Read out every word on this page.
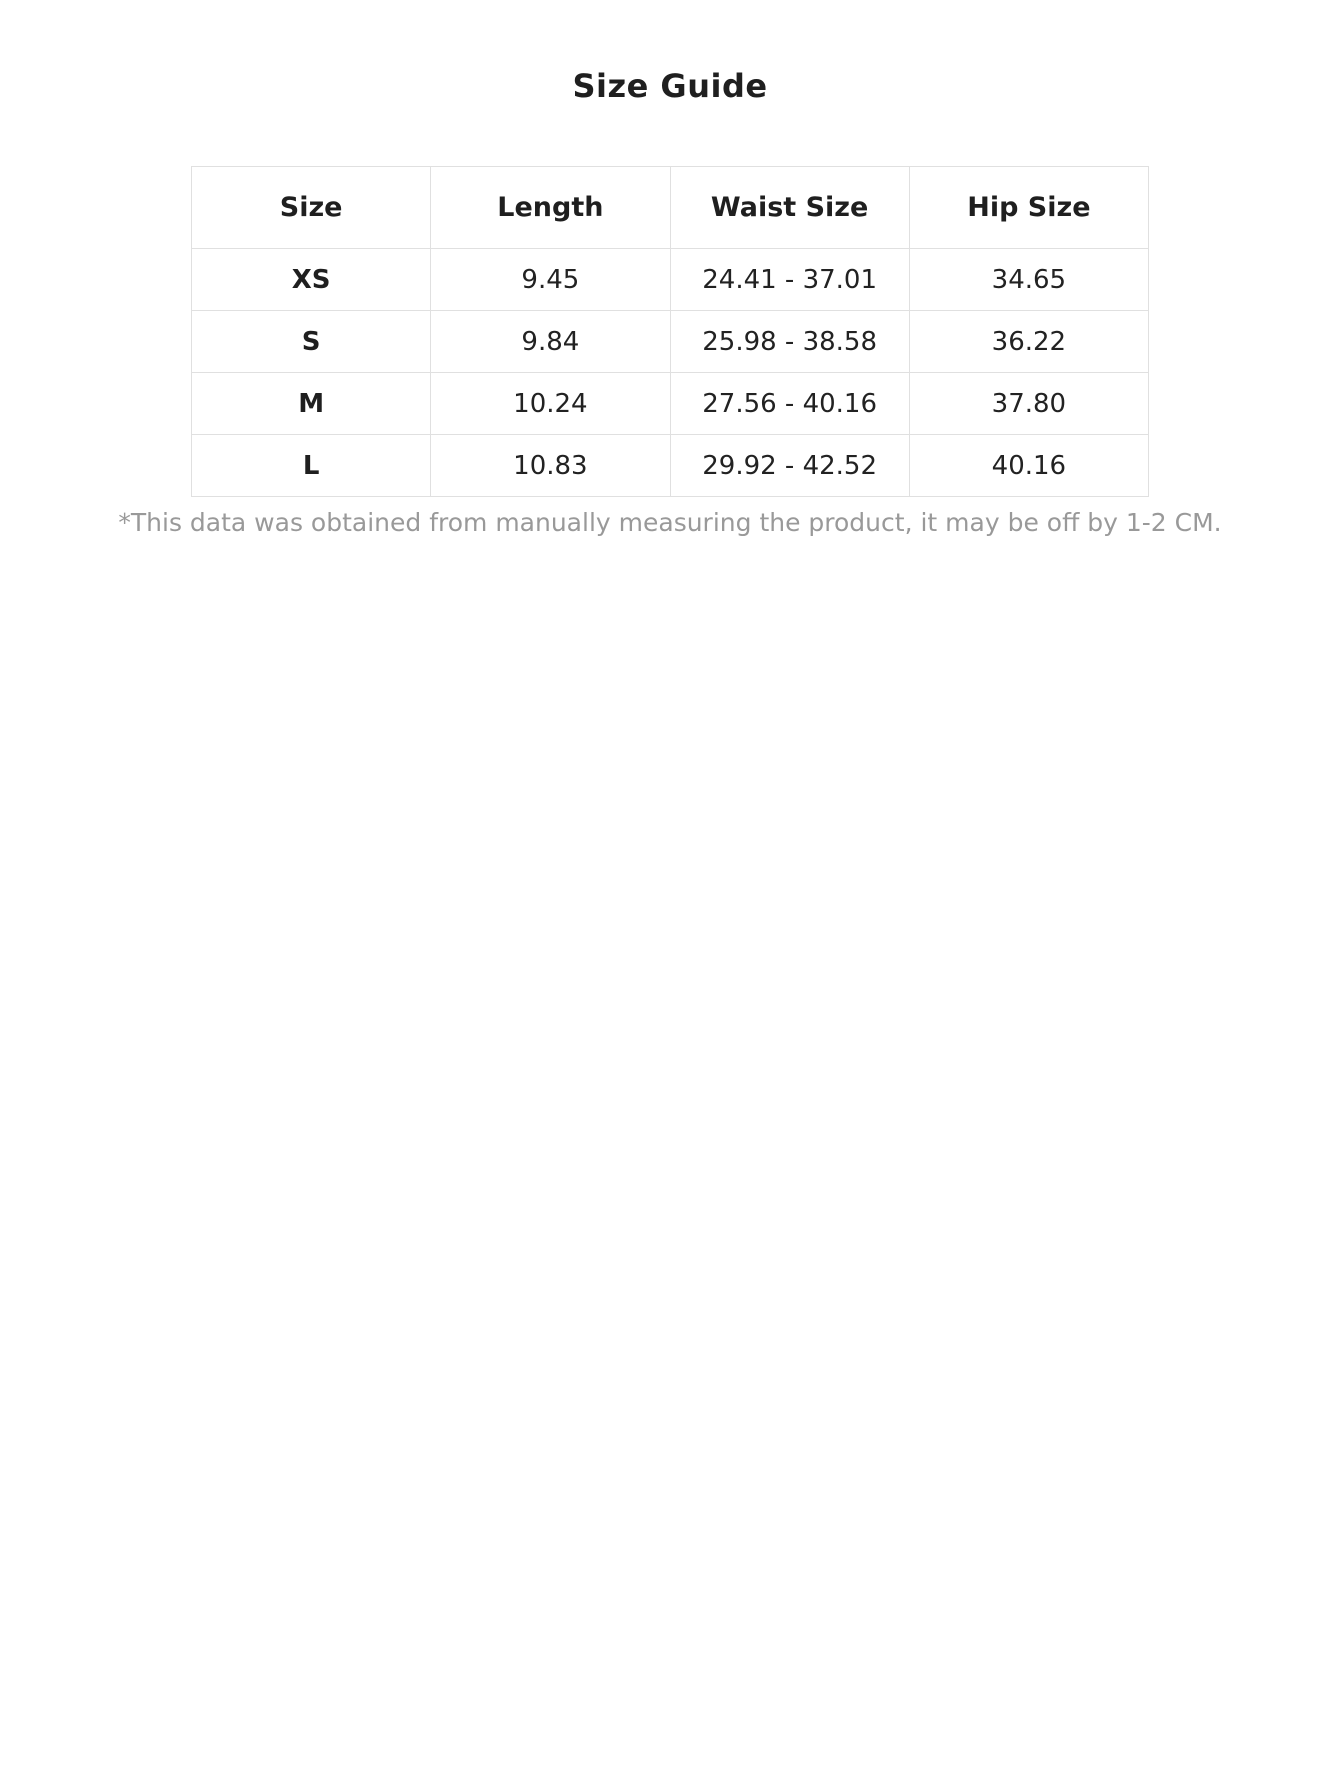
Size Guide
Size	Length	Waist Size	Hip Size
XS	9.45	24.41 - 37.01	34.65
S	9.84	25.98 - 38.58	36.22
M	10.24	27.56 - 40.16	37.80
L	10.83	29.92 - 42.52	40.16

*This data was obtained from manually measuring the product, it may be off by 1-2 CM.
